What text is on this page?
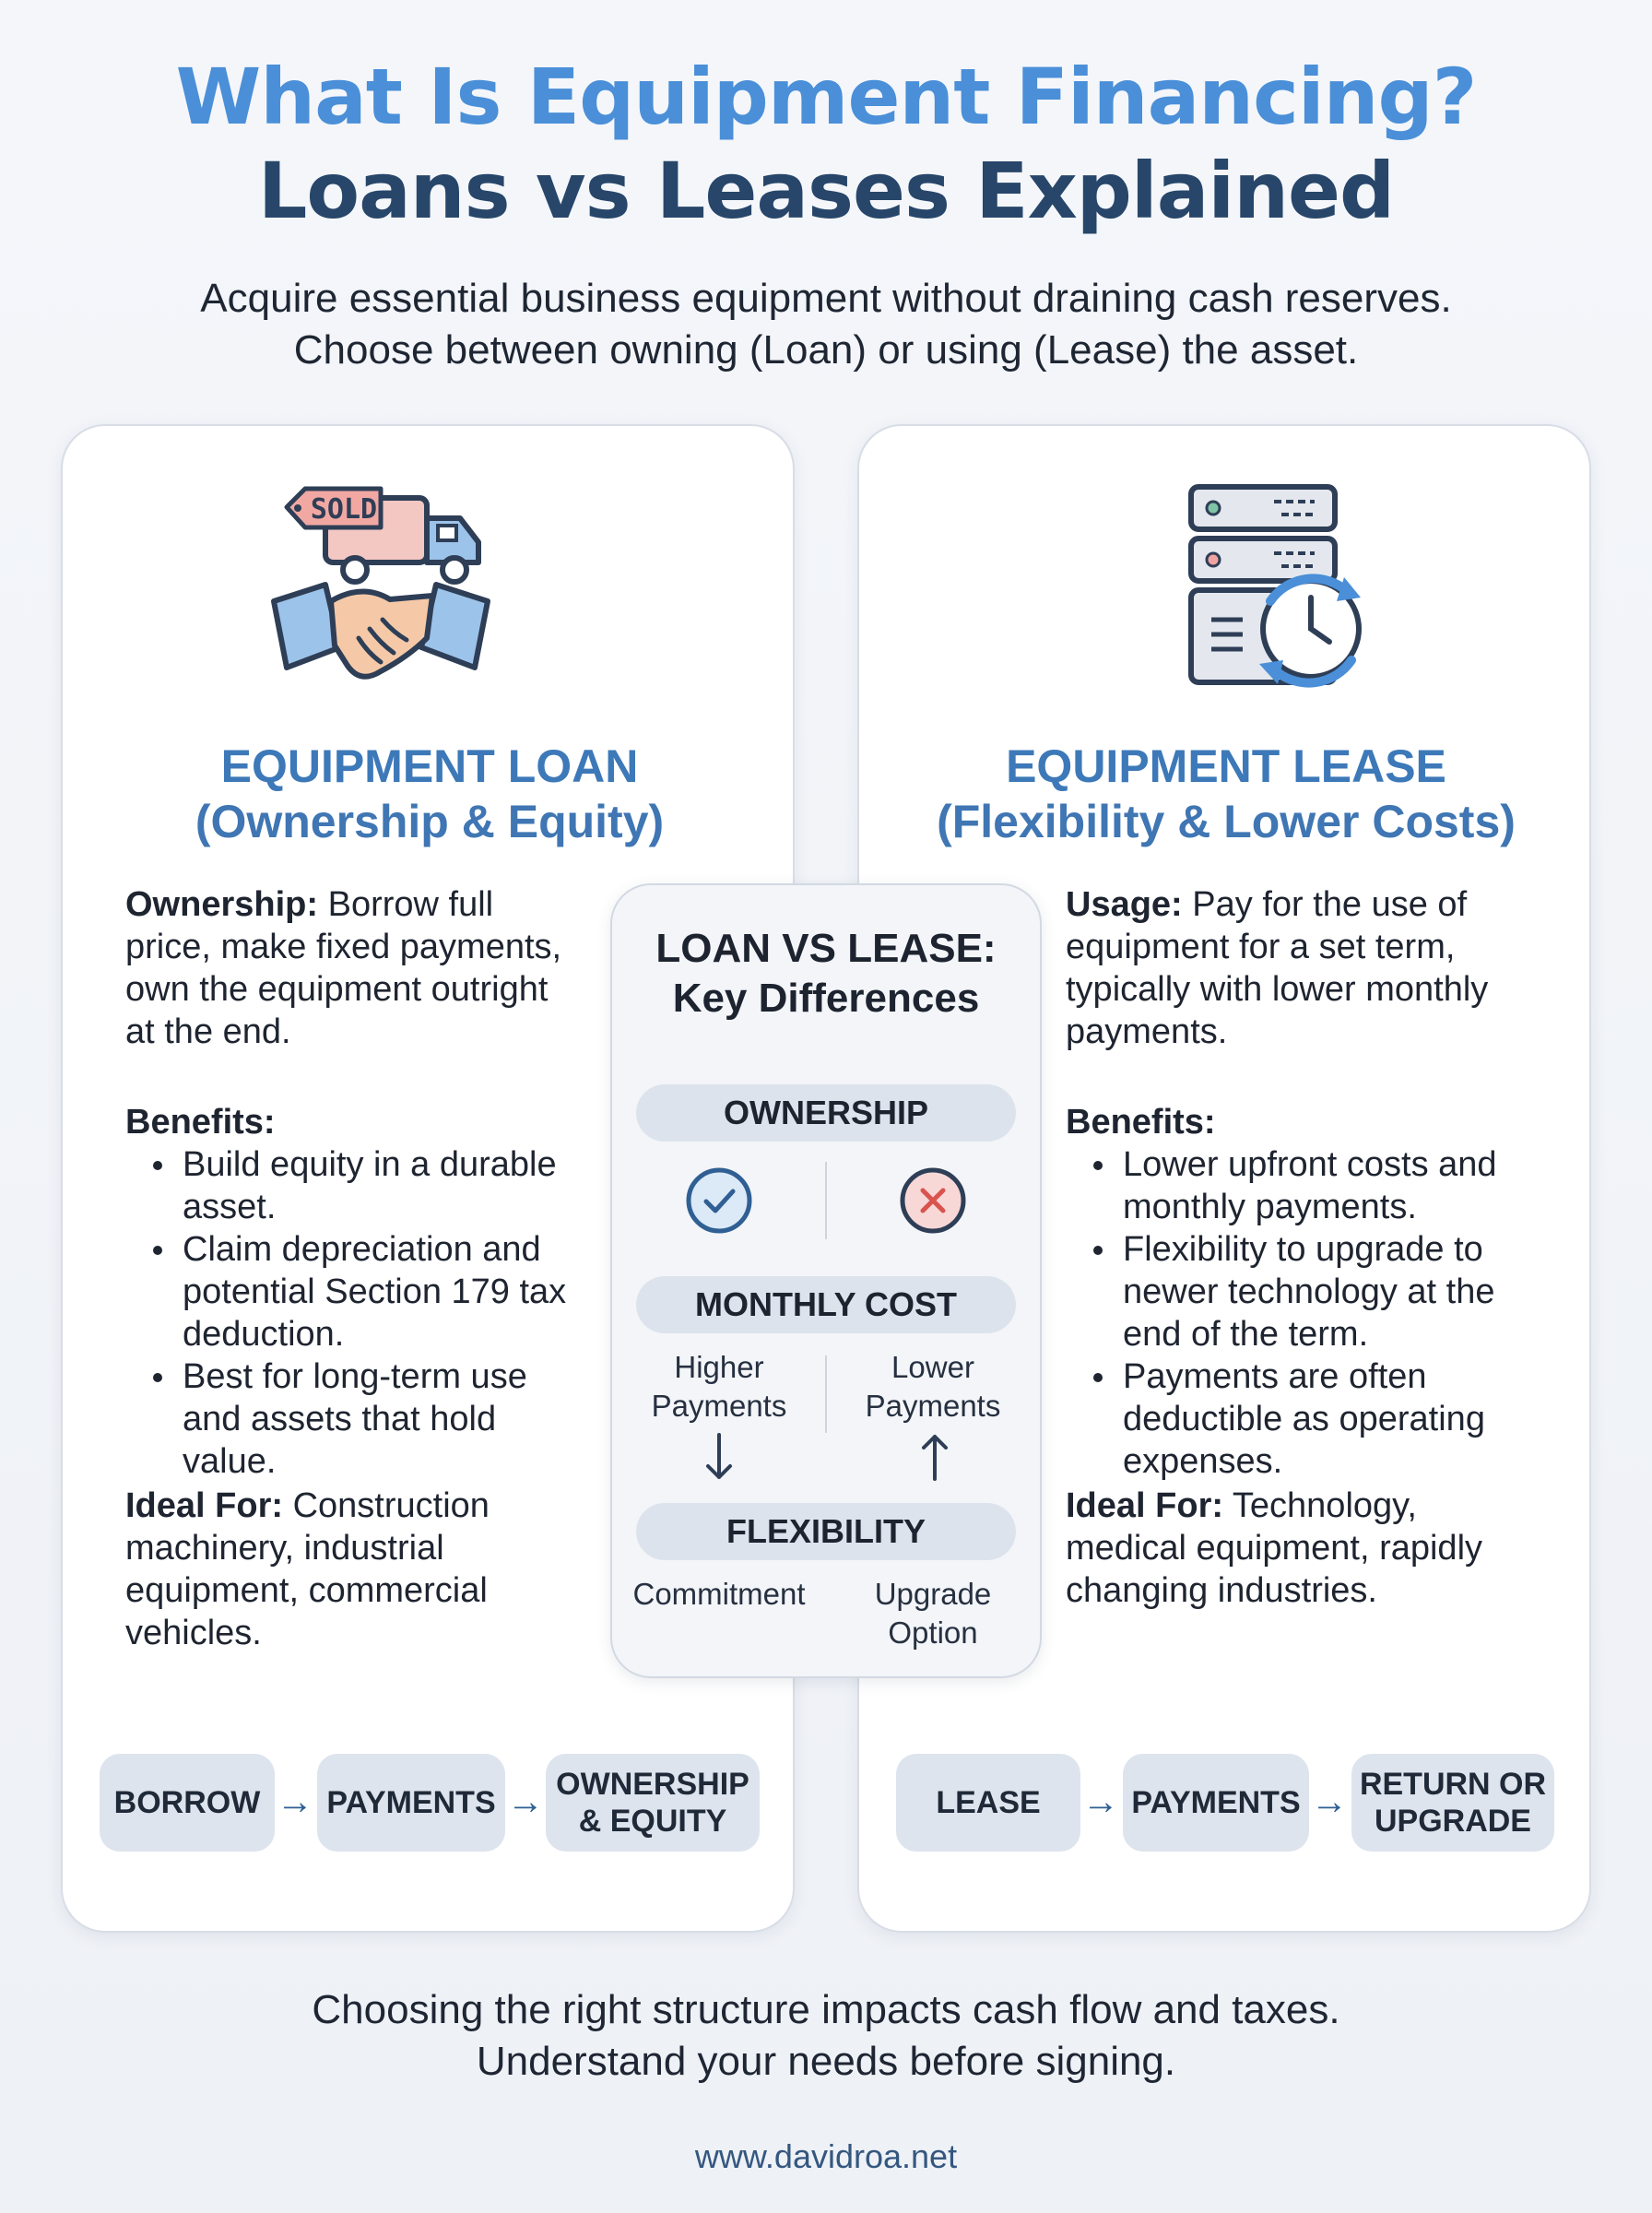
What Is Equipment Financing?
Loans vs Leases Explained
Acquire essential business equipment without draining cash reserves.
Choose between owning (Loan) or using (Lease) the asset.
SOLD
EQUIPMENT LOAN
(Ownership & Equity)
Ownership: Borrow full
price, make fixed payments,
own the equipment outright
at the end.
Benefits:
Build equity in a durable
asset.
Claim depreciation and
potential Section 179 tax
deduction.
Best for long-term use
and assets that hold
value.
Ideal For: Construction
machinery, industrial
equipment, commercial
vehicles.
BORROW → PAYMENTS → OWNERSHIP
& EQUITY
EQUIPMENT LEASE
(Flexibility & Lower Costs)
Usage: Pay for the use of
equipment for a set term,
typically with lower monthly
payments.
Benefits:
Lower upfront costs and
monthly payments.
Flexibility to upgrade to
newer technology at the
end of the term.
Payments are often
deductible as operating
expenses.
Ideal For: Technology,
medical equipment, rapidly
changing industries.
LEASE	→ PAYMENTS → RETURN OR
UPGRADE
LOAN VS LEASE:
Key Differences
OWNERSHIP
MONTHLY COST
Higher
Payments
Lower
Payments
FLEXIBILITY
Commitment	Upgrade
Option
Choosing the right structure impacts cash flow and taxes.
Understand your needs before signing.
www.davidroa.net
